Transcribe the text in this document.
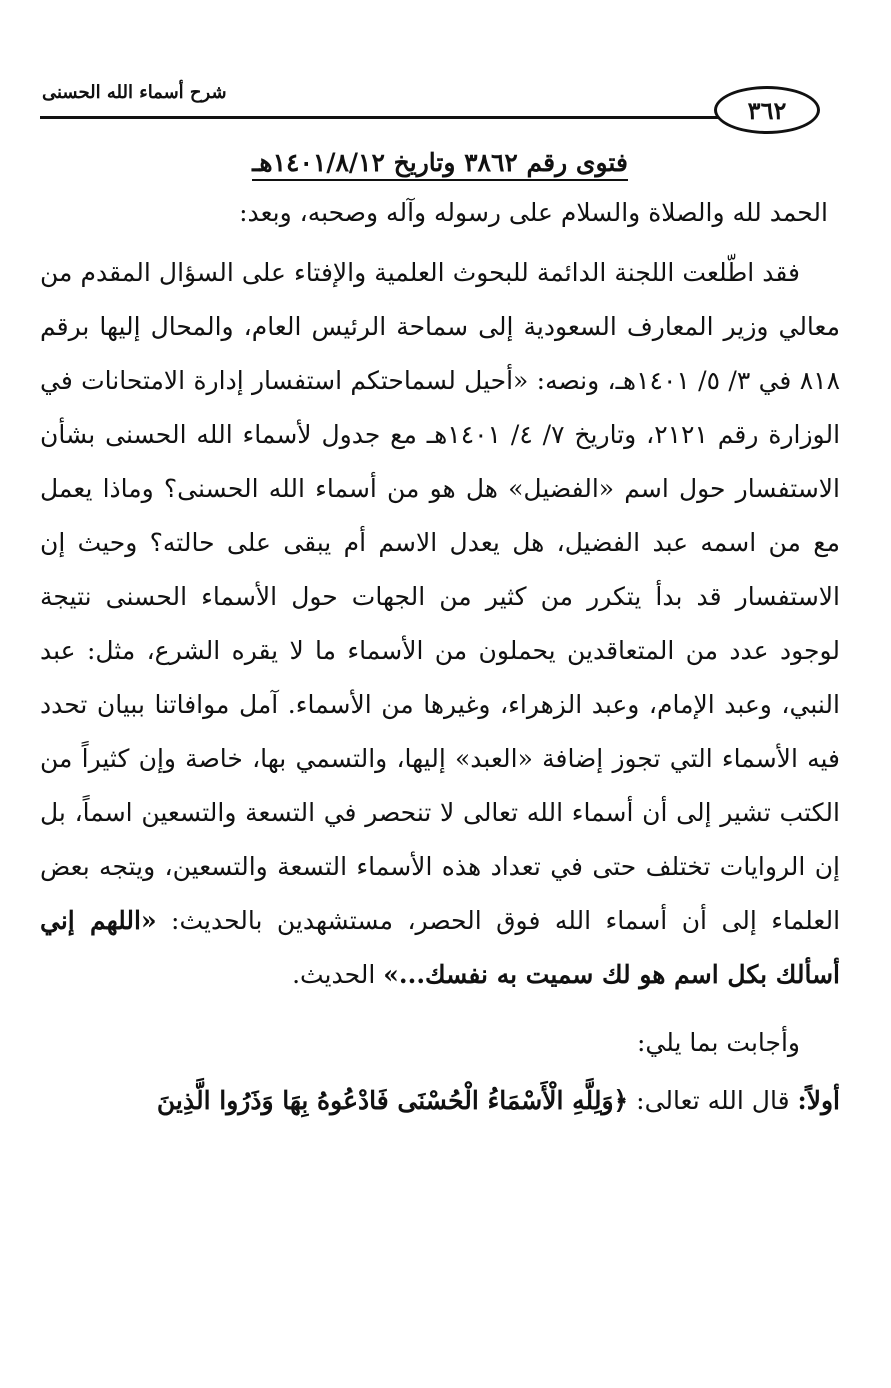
شرح أسماء الله الحسنى
٣٦٢
فتوى رقم ٣٨٦٢ وتاريخ ١٤٠١/٨/١٢هـ

الحمد لله والصلاة والسلام على رسوله وآله وصحبه، وبعد:

فقد اطّلعت اللجنة الدائمة للبحوث العلمية والإفتاء على السؤال المقدم من معالي وزير المعارف السعودية إلى سماحة الرئيس العام، والمحال إليها برقم ٨١٨ في ٣/ ٥/ ١٤٠١هـ، ونصه: «أحيل لسماحتكم استفسار إدارة الامتحانات في الوزارة رقم ٢١٢١، وتاريخ ٧/ ٤/ ١٤٠١هـ مع جدول لأسماء الله الحسنى بشأن الاستفسار حول اسم «الفضيل» هل هو من أسماء الله الحسنى؟ وماذا يعمل مع من اسمه عبد الفضيل، هل يعدل الاسم أم يبقى على حالته؟ وحيث إن الاستفسار قد بدأ يتكرر من كثير من الجهات حول الأسماء الحسنى نتيجة لوجود عدد من المتعاقدين يحملون من الأسماء ما لا يقره الشرع، مثل: عبد النبي، وعبد الإمام، وعبد الزهراء، وغيرها من الأسماء. آمل موافاتنا ببيان تحدد فيه الأسماء التي تجوز إضافة «العبد» إليها، والتسمي بها، خاصة وإن كثيراً من الكتب تشير إلى أن أسماء الله تعالى لا تنحصر في التسعة والتسعين اسماً، بل إن الروايات تختلف حتى في تعداد هذه الأسماء التسعة والتسعين، ويتجه بعض العلماء إلى أن أسماء الله فوق الحصر، مستشهدين بالحديث: «اللهم إني أسألك بكل اسم هو لك سميت به نفسك...» الحديث.

وأجابت بما يلي:

أولاً: قال الله تعالى: ﴿وَلِلَّهِ الْأَسْمَاءُ الْحُسْنَى فَادْعُوهُ بِهَا وَذَرُوا الَّذِينَ
